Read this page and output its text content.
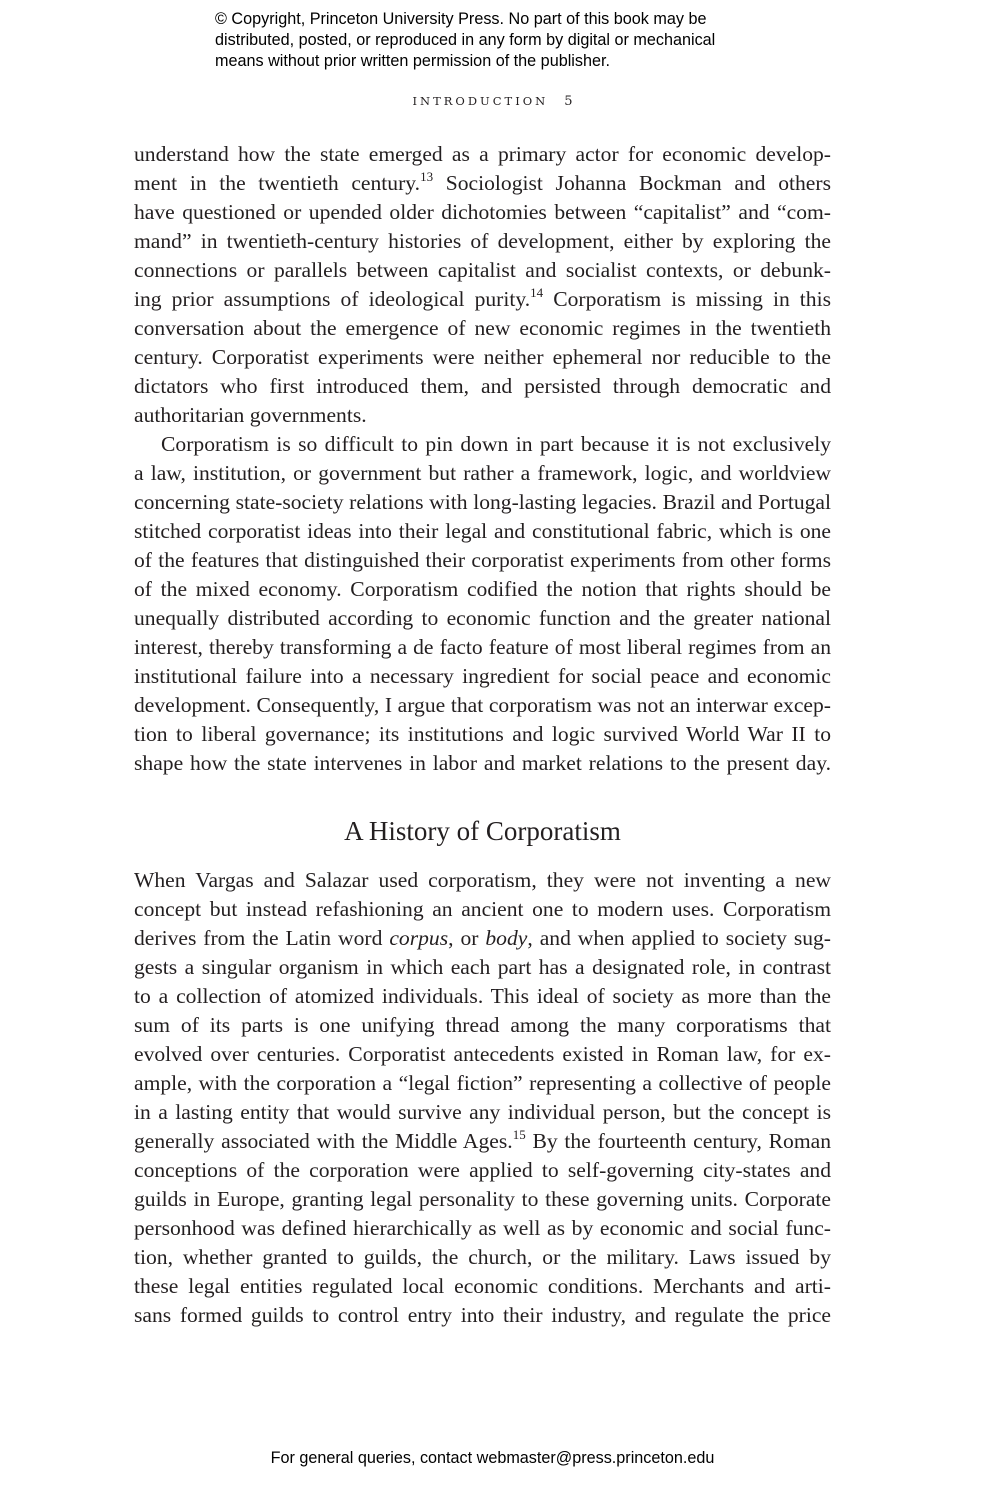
© Copyright, Princeton University Press. No part of this book may be
distributed, posted, or reproduced in any form by digital or mechanical
means without prior written permission of the publisher.
INTRODUCTION 5
understand how the state emerged as a primary actor for economic develop-
ment in the twentieth century.$^{13}$ Sociologist Johanna Bockman and others
have questioned or upended older dichotomies between “capitalist” and “com-
mand” in twentieth-century histories of development, either by exploring the
connections or parallels between capitalist and socialist contexts, or debunk-
ing prior assumptions of ideological purity.$^{14}$ Corporatism is missing in this
conversation about the emergence of new economic regimes in the twentieth
century. Corporatist experiments were neither ephemeral nor reducible to the
dictators who first introduced them, and persisted through democratic and
authoritarian governments.
Corporatism is so difficult to pin down in part because it is not exclusively
a law, institution, or government but rather a framework, logic, and worldview
concerning state-society relations with long-lasting legacies. Brazil and Portugal
stitched corporatist ideas into their legal and constitutional fabric, which is one
of the features that distinguished their corporatist experiments from other forms
of the mixed economy. Corporatism codified the notion that rights should be
unequally distributed according to economic function and the greater national
interest, thereby transforming a de facto feature of most liberal regimes from an
institutional failure into a necessary ingredient for social peace and economic
development. Consequently, I argue that corporatism was not an interwar excep-
tion to liberal governance; its institutions and logic survived World War II to
shape how the state intervenes in labor and market relations to the present day.
A History of Corporatism
When Vargas and Salazar used corporatism, they were not inventing a new
concept but instead refashioning an ancient one to modern uses. Corporatism
derives from the Latin word corpus, or body, and when applied to society sug-
gests a singular organism in which each part has a designated role, in contrast
to a collection of atomized individuals. This ideal of society as more than the
sum of its parts is one unifying thread among the many corporatisms that
evolved over centuries. Corporatist antecedents existed in Roman law, for ex-
ample, with the corporation a “legal fiction” representing a collective of people
in a lasting entity that would survive any individual person, but the concept is
generally associated with the Middle Ages.$^{15}$ By the fourteenth century, Roman
conceptions of the corporation were applied to self-governing city-states and
guilds in Europe, granting legal personality to these governing units. Corporate
personhood was defined hierarchically as well as by economic and social func-
tion, whether granted to guilds, the church, or the military. Laws issued by
these legal entities regulated local economic conditions. Merchants and arti-
sans formed guilds to control entry into their industry, and regulate the price
For general queries, contact webmaster@press.princeton.edu
